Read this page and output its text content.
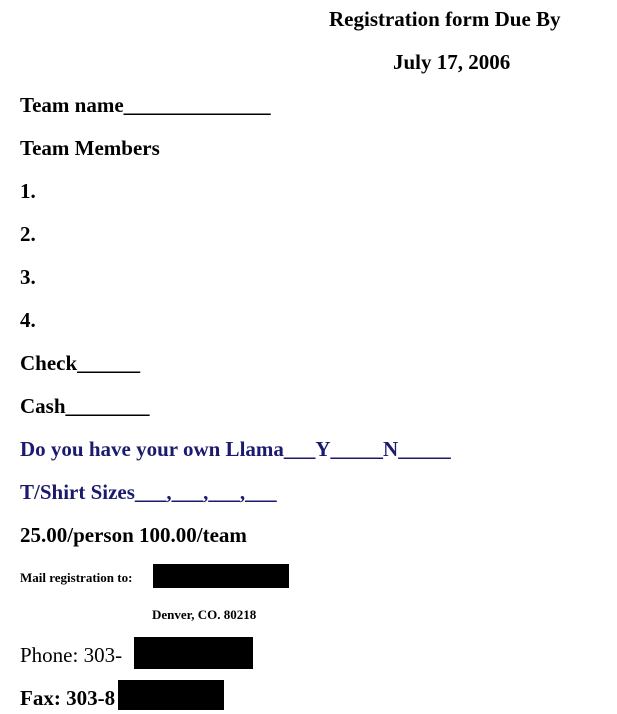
Registration form Due By
July 17, 2006
Team name______________
Team Members
1.
2.
3.
4.
Check______
Cash________
Do you have your own Llama___Y_____N_____
T/Shirt Sizes___,___,___,___
25.00/person 100.00/team
Mail registration to:
Denver, CO. 80218
Phone: 303-
Fax: 303-8
